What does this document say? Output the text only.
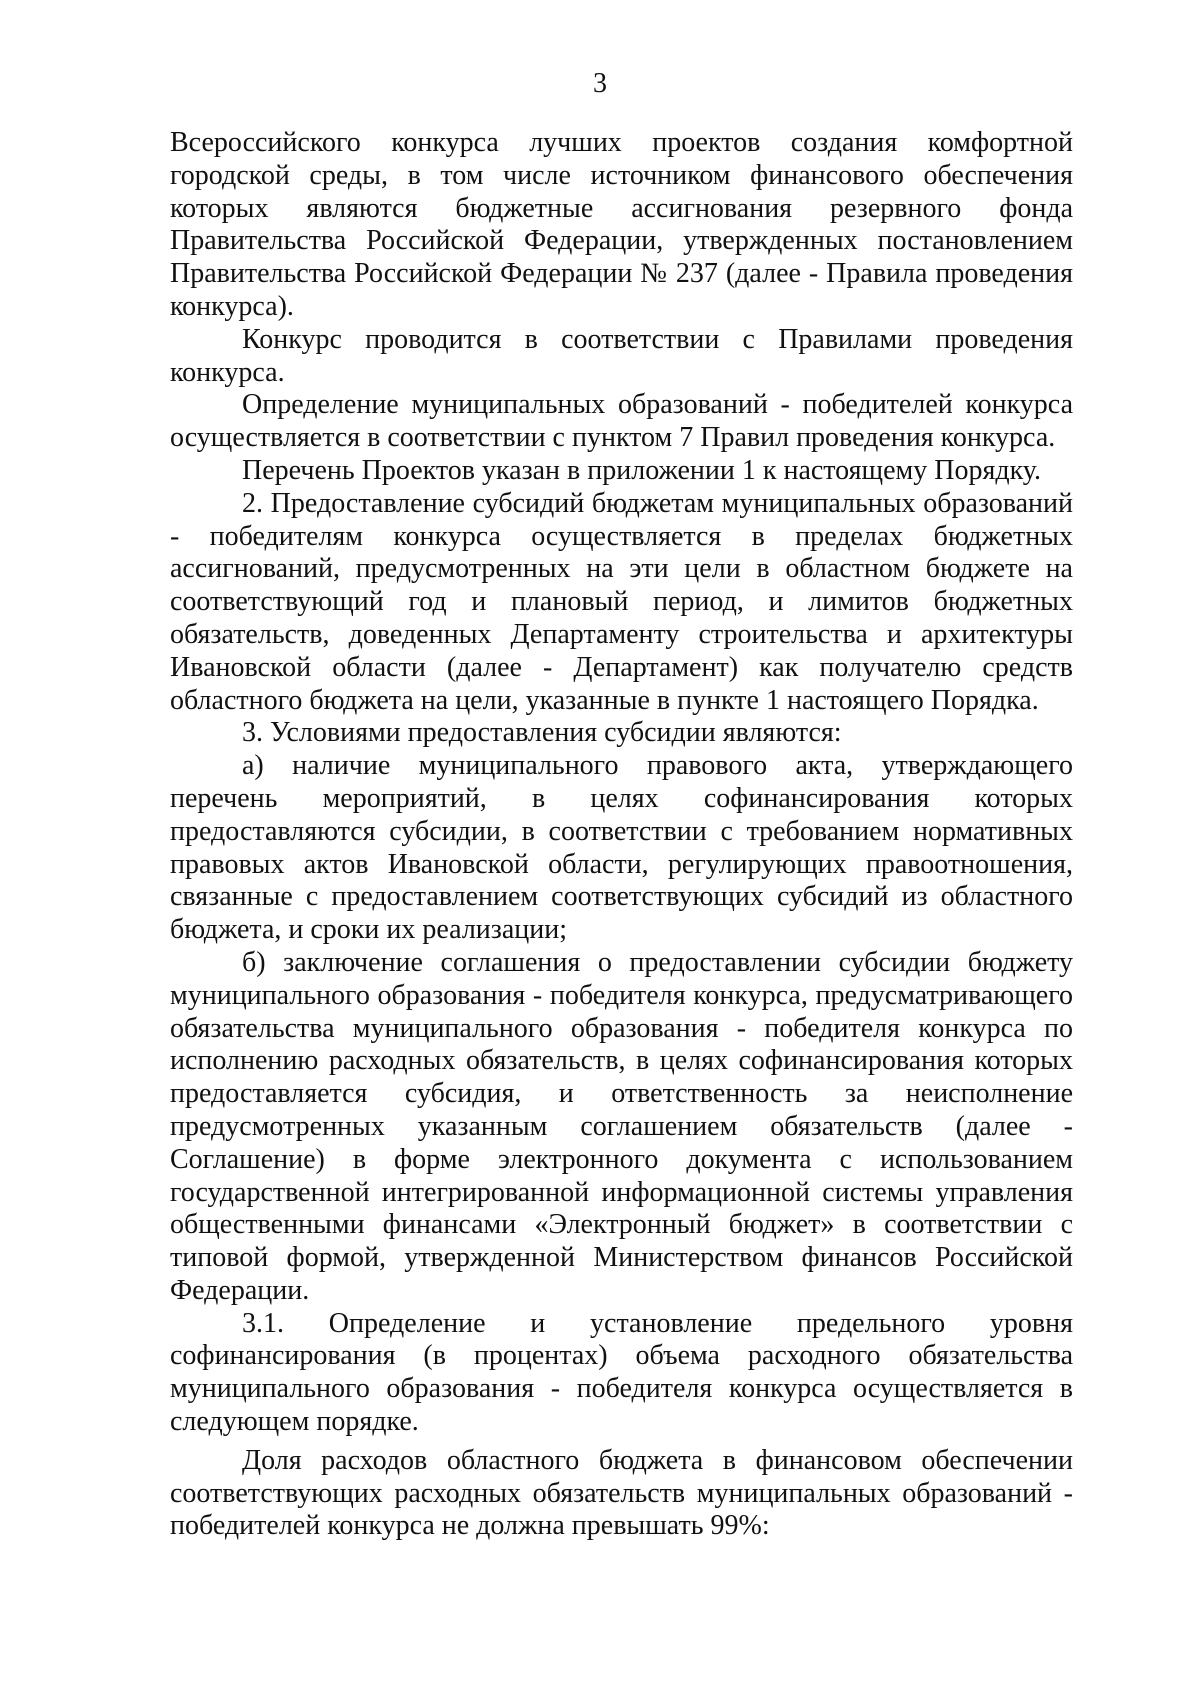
3

Всероссийского конкурса лучших проектов создания комфортной городской среды, в том числе источником финансового обеспечения которых являются бюджетные ассигнования резервного фонда Правительства Российской Федерации, утвержденных постановлением Правительства Российской Федерации № 237 (далее - Правила проведения конкурса).

Конкурс проводится в соответствии с Правилами проведения конкурса.

Определение муниципальных образований - победителей конкурса осуществляется в соответствии с пунктом 7 Правил проведения конкурса.

Перечень Проектов указан в приложении 1 к настоящему Порядку.

2. Предоставление субсидий бюджетам муниципальных образований - победителям конкурса осуществляется в пределах бюджетных ассигнований, предусмотренных на эти цели в областном бюджете на соответствующий год и плановый период, и лимитов бюджетных обязательств, доведенных Департаменту строительства и архитектуры Ивановской области (далее - Департамент) как получателю средств областного бюджета на цели, указанные в пункте 1 настоящего Порядка.

3. Условиями предоставления субсидии являются:

а) наличие муниципального правового акта, утверждающего перечень мероприятий, в целях софинансирования которых предоставляются субсидии, в соответствии с требованием нормативных правовых актов Ивановской области, регулирующих правоотношения, связанные с предоставлением соответствующих субсидий из областного бюджета, и сроки их реализации;

б) заключение соглашения о предоставлении субсидии бюджету муниципального образования - победителя конкурса, предусматривающего обязательства муниципального образования - победителя конкурса по исполнению расходных обязательств, в целях софинансирования которых предоставляется субсидия, и ответственность за неисполнение предусмотренных указанным соглашением обязательств (далее - Соглашение) в форме электронного документа с использованием государственной интегрированной информационной системы управления общественными финансами «Электронный бюджет» в соответствии с типовой формой, утвержденной Министерством финансов Российской Федерации.

3.1. Определение и установление предельного уровня софинансирования (в процентах) объема расходного обязательства муниципального образования - победителя конкурса осуществляется в следующем порядке.

Доля расходов областного бюджета в финансовом обеспечении соответствующих расходных обязательств муниципальных образований - победителей конкурса не должна превышать 99%:
